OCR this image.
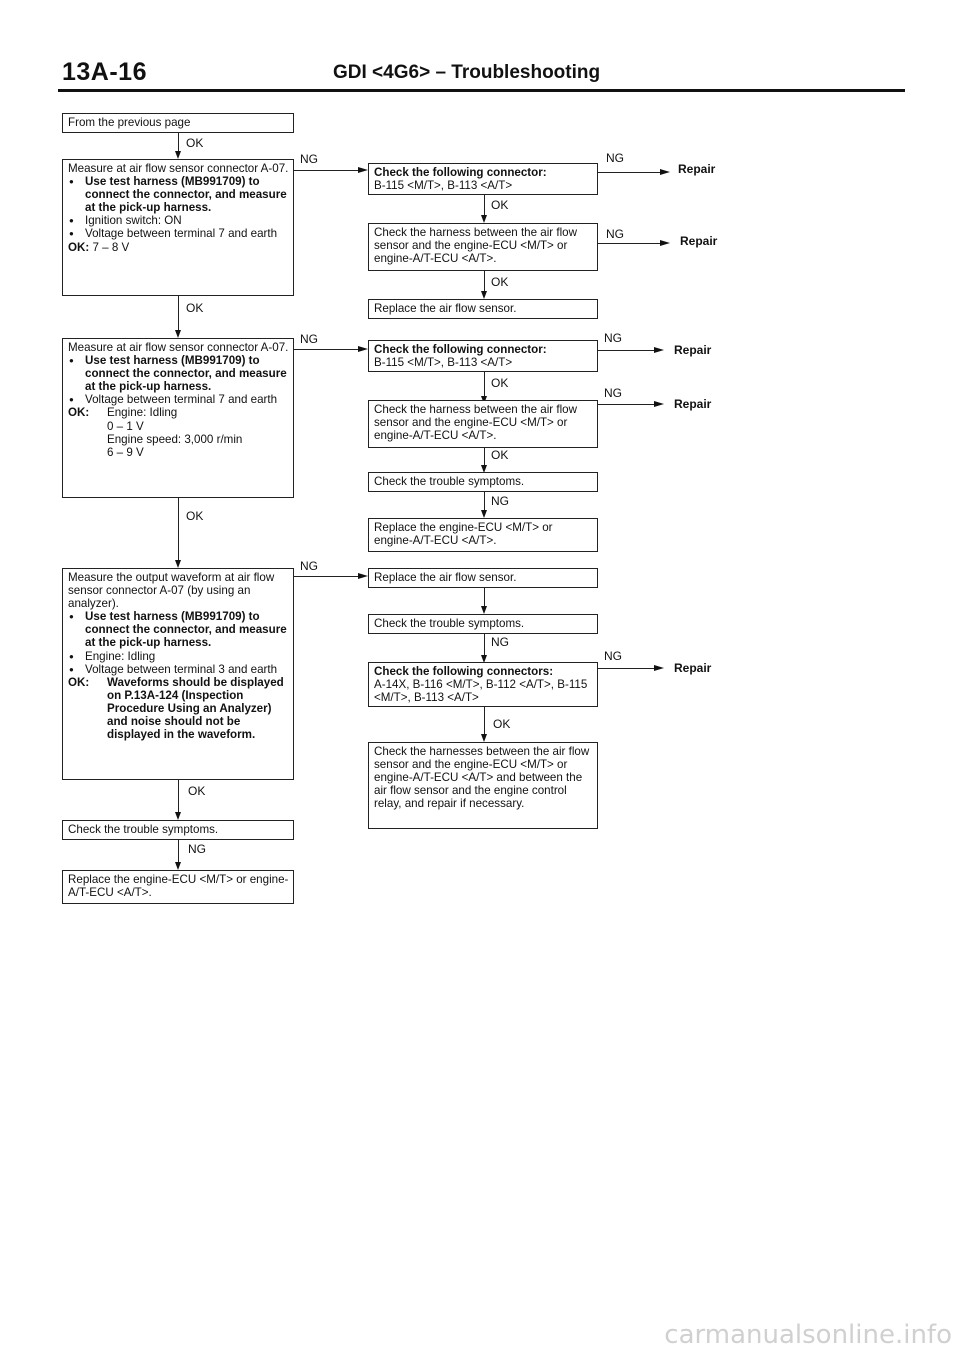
13A-16	GDI <4G6> – Troubleshooting
From the previous page
OK
Measure at air flow sensor connector A-07.
● Use test harness (MB991709) to connect the connector, and measure at the pick-up harness.
● Ignition switch: ON
● Voltage between terminal 7 and earth
OK: 7 – 8 V
OK
Measure at air flow sensor connector A-07.
● Use test harness (MB991709) to connect the connector, and measure at the pick-up harness.
● Voltage between terminal 7 and earth
OK:	Engine: Idling
0 – 1 V
Engine speed: 3,000 r/min
6 – 9 V
OK
Measure the output waveform at air flow sensor connector A-07 (by using an analyzer).
● Use test harness (MB991709) to connect the connector, and measure at the pick-up harness.
● Engine: Idling
● Voltage between terminal 3 and earth
OK:	Waveforms should be displayed on P.13A-124 (Inspection Procedure Using an Analyzer) and noise should not be displayed in the waveform.
OK
Check the trouble symptoms.
NG
Replace the engine-ECU <M/T> or engine-A/T-ECU <A/T>.
NG
NG
NG
Check the following connector:
B-115 <M/T>, B-113 <A/T>
NG
Repair
OK
Check the harness between the air flow sensor and the engine-ECU <M/T> or engine-A/T-ECU <A/T>.
NG	Repair
OK
Replace the air flow sensor.
Check the following connector:
B-115 <M/T>, B-113 <A/T>
NG
Repair
OK
Check the harness between the air flow sensor and the engine-ECU <M/T> or engine-A/T-ECU <A/T>.
NG
Repair
OK
Check the trouble symptoms.
NG
Replace the engine-ECU <M/T> or engine-A/T-ECU <A/T>.
Replace the air flow sensor.
Check the trouble symptoms.
NG
Check the following connectors:
A-14X, B-116 <M/T>, B-112 <A/T>, B-115 <M/T>, B-113 <A/T>
NG
Repair
OK
Check the harnesses between the air flow sensor and the engine-ECU <M/T> or engine-A/T-ECU <A/T> and between the air flow sensor and the engine control relay, and repair if necessary.
carmanualsonline.info
